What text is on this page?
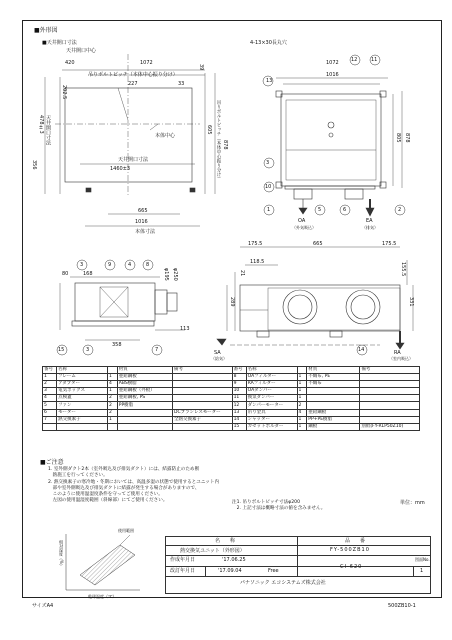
■外形図
■天井開口寸法
13
12	11
3
10
1	5	6	2
3	9	4	8
15	3	7	14
420	1072
天井開口中心
吊りボルトピッチ（本体中心振り分け）
227	33
39
202.5
478±3 天井開口寸法
356
本体中心
天井開口寸法
1460±3
665
1016
本体寸法
605 吊りボルトピッチ（本体中心振り分け） 878
4-13×30長丸穴
1072
1016
805 878
OA
（外気吸込）
EA
（排気）
175.5	665	175.5
118.5	155.5
331
21
289
SA
（給気）
RA
（室内吸込）
80	168	φ195 φ250
113
358
番号	名称		材質	備考	番号	名称		材質	備考
1	フレーム	1	亜鉛鋼板		8	OAフィルター	1	不織布, PE	
2	アダプター	4	ABS樹脂		9	RAフィルター	1	不織布	
3	電気ボックス	1	亜鉛鋼板（外板）		10	OAダンパー	1		
4	点検蓋	2	亜鉛鋼板, PS		11	換気ダンパー	1		
5	ファン	2	PP樹脂		12	ダンパーモーター	2		
6	モーター	2		DCブラシレスモーター	13	吊り金具	4	亜鉛鋼板	
7	熱交換素子	1		全熱交換素子	14	シャッター	1	PP+PE樹脂	
					15	カセットボルダー	1	鋼板	別紙(FY-RLP50Z10)
■ご注意
1. 室外側ダクト2本（室外吸込及び排気ダクト）には、結露防止のため断
　熱施工を行ってください。
2. 熱交換素子の寒冷地・冬期においては、高温多湿の状態で使用するとユニット内
　部や室外側吸込及び排気ダクトに結露が発生する場合がありますので、
　このように使用温湿度条件を守ってご使用ください。
　左図の使用温湿度範囲（斜線部）にてご使用ください。
相対湿度（%）
乾球温度（℃）
使用範囲
注1. 吊りボルトピッチ寸法φ200
　2. 上記寸法は概略寸法の値を含みません。
単位：mm
名　　称	品　　番
熱交換気ユニット（外形図）	FY-500ZB10
作成年月日	'17.06.25
改訂年月日	'17.09.04	Free
CI-620
図面No.
1
パナソニック エコシステムズ株式会社
サイズA4	500ZB10-1
